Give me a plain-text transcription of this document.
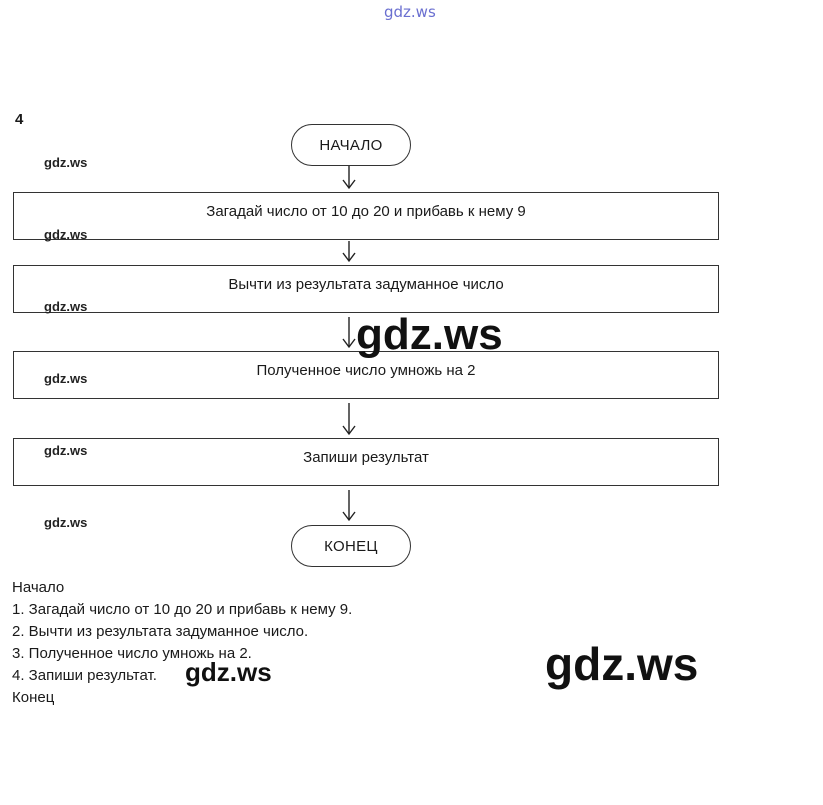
gdz.ws
4
НАЧАЛО
Загадай число от 10 до 20 и прибавь к нему 9
Вычти из результата задуманное число
Полученное число умножь на 2
Запиши результат
КОНЕЦ
gdz.ws
gdz.ws
gdz.ws
gdz.ws
gdz.ws
gdz.ws
gdz.ws
gdz.ws
gdz.ws
Начало
1. Загадай число от 10 до 20 и прибавь к нему 9.
2. Вычти из результата задуманное число.
3. Полученное число умножь на 2.
4. Запиши результат.
Конец
